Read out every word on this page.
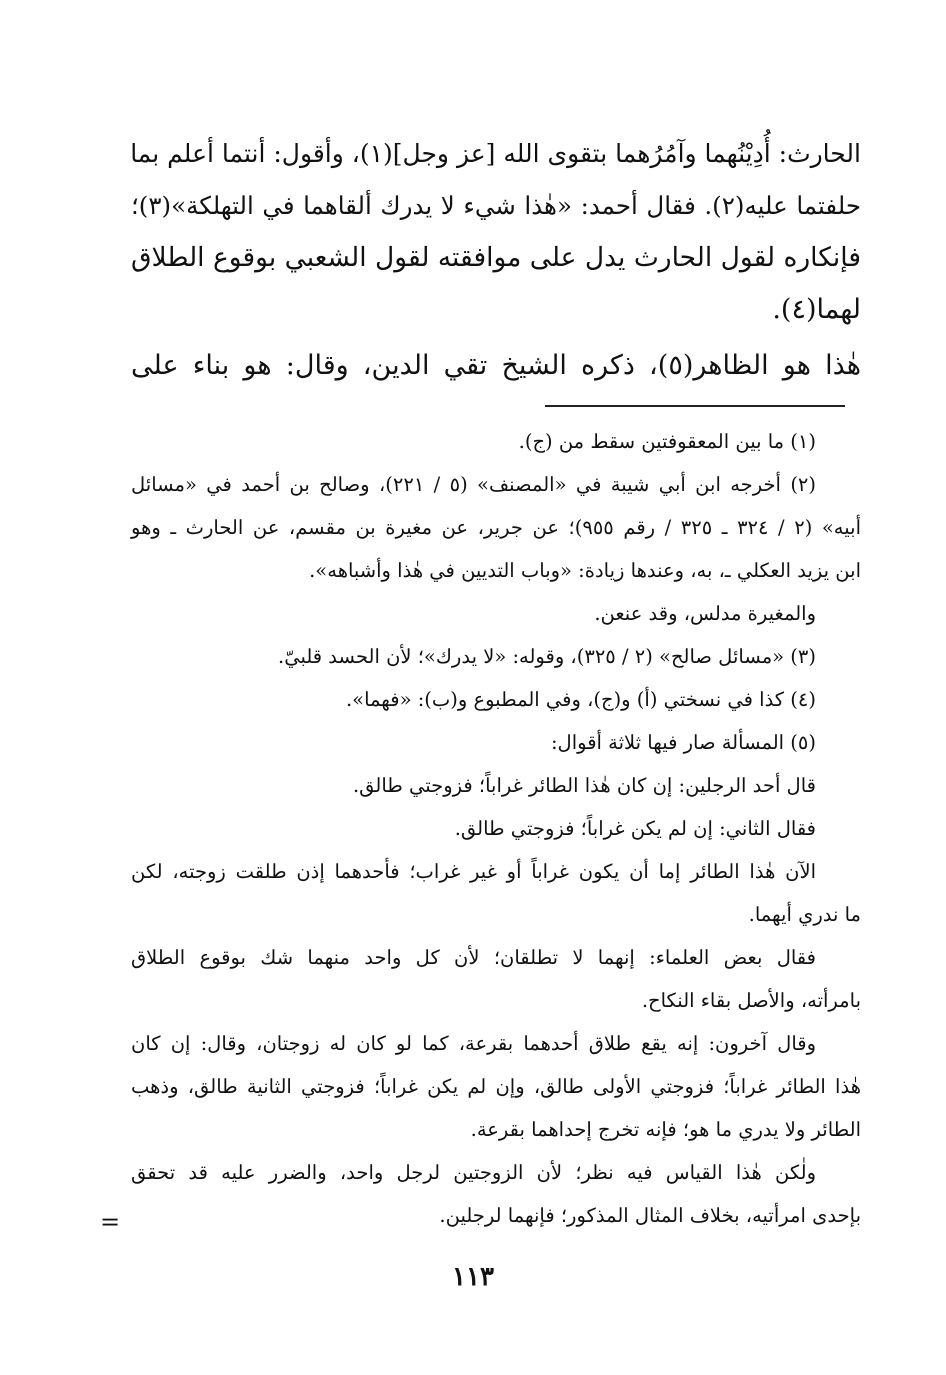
الحارث: أُدِيْنُهما وآمُرُهما بتقوى الله [عز وجل](١)، وأقول: أنتما أعلم بما
حلفتما عليه(٢). فقال أحمد: «هٰذا شيء لا يدرك ألقاهما في التهلكة»(٣)؛
فإنكاره لقول الحارث يدل على موافقته لقول الشعبي بوقوع الطلاق
لهما(٤).
هٰذا هو الظاهر(٥)، ذكره الشيخ تقي الدين، وقال: هو بناء على
(١) ما بين المعقوفتين سقط من (ج).
(٢) أخرجه ابن أبي شيبة في «المصنف» (٥ / ٢٢١)، وصالح بن أحمد في «مسائل
أبيه» (٢ / ٣٢٤ ـ ٣٢٥ / رقم ٩٥٥)؛ عن جرير، عن مغيرة بن مقسم، عن الحارث ـ وهو
ابن يزيد العكلي ـ، به، وعندها زيادة: «وباب التديين في هٰذا وأشباهه».
والمغيرة مدلس، وقد عنعن.
(٣) «مسائل صالح» (٢ / ٣٢٥)، وقوله: «لا يدرك»؛ لأن الحسد قلبيّ.
(٤) كذا في نسختي (أ) و(ج)، وفي المطبوع و(ب): «فهما».
(٥) المسألة صار فيها ثلاثة أقوال:
قال أحد الرجلين: إن كان هٰذا الطائر غراباً؛ فزوجتي طالق.
فقال الثاني: إن لم يكن غراباً؛ فزوجتي طالق.
الآن هٰذا الطائر إما أن يكون غراباً أو غير غراب؛ فأحدهما إذن طلقت زوجته، لكن
ما ندري أيهما.
فقال بعض العلماء: إنهما لا تطلقان؛ لأن كل واحد منهما شك بوقوع الطلاق
بامرأته، والأصل بقاء النكاح.
وقال آخرون: إنه يقع طلاق أحدهما بقرعة، كما لو كان له زوجتان، وقال: إن كان
هٰذا الطائر غراباً؛ فزوجتي الأولى طالق، وإن لم يكن غراباً؛ فزوجتي الثانية طالق، وذهب
الطائر ولا يدري ما هو؛ فإنه تخرج إحداهما بقرعة.
ولٰكن هٰذا القياس فيه نظر؛ لأن الزوجتين لرجل واحد، والضرر عليه قد تحقق
بإحدى امرأتيه، بخلاف المثال المذكور؛ فإنهما لرجلين.
=
١١٣
